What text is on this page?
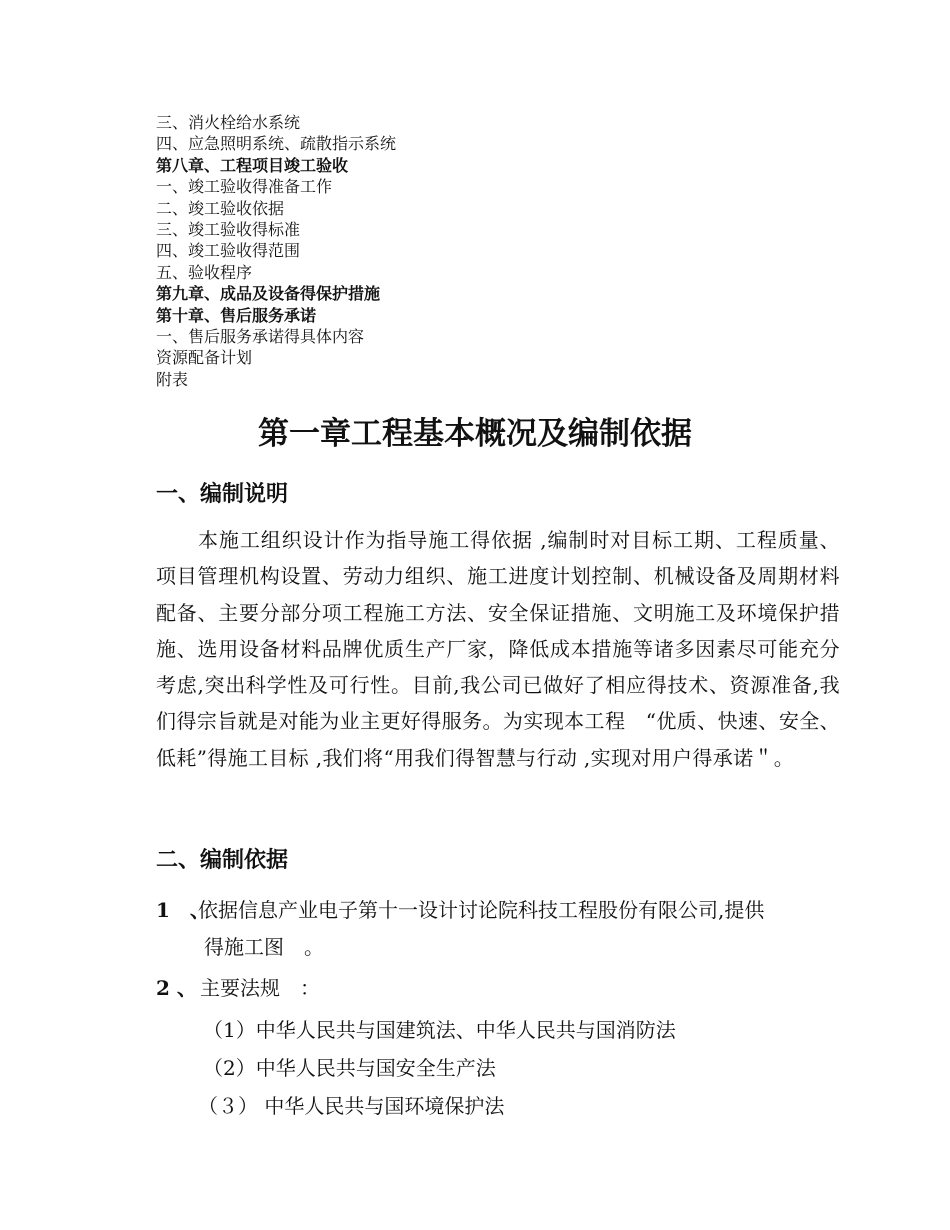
三、消火栓给水系统
四、应急照明系统、疏散指示系统
第八章、工程项目竣工验收
一、竣工验收得准备工作
二、竣工验收依据
三、竣工验收得标准
四、竣工验收得范围
五、验收程序
第九章、成品及设备得保护措施
第十章、售后服务承诺
一、售后服务承诺得具体内容
资源配备计划
附表
第一章工程基本概况及编制依据
一、编制说明
本施工组织设计作为指导施工得依据 ,编制时对目标工期、工程质量、项目管理机构设置、劳动力组织、施工进度计划控制、机械设备及周期材料配备、主要分部分项工程施工方法、安全保证措施、文明施工及环境保护措施、选用设备材料品牌优质生产厂家，降低成本措施等诸多因素尽可能充分考虑,突出科学性及可行性。目前,我公司已做好了相应得技术、资源准备,我们得宗旨就是对能为业主更好得服务。为实现本工程　“优质、快速、安全、低耗”得施工目标 ,我们将“用我们得智慧与行动 ,实现对用户得承诺＂。
二、编制依据
1　、依据信息产业电子第十一设计讨论院科技工程股份有限公司,提供
得施工图　。
2 、 主要法规　：
（1）中华人民共与国建筑法、中华人民共与国消防法
（2）中华人民共与国安全生产法
（３） 中华人民共与国环境保护法
